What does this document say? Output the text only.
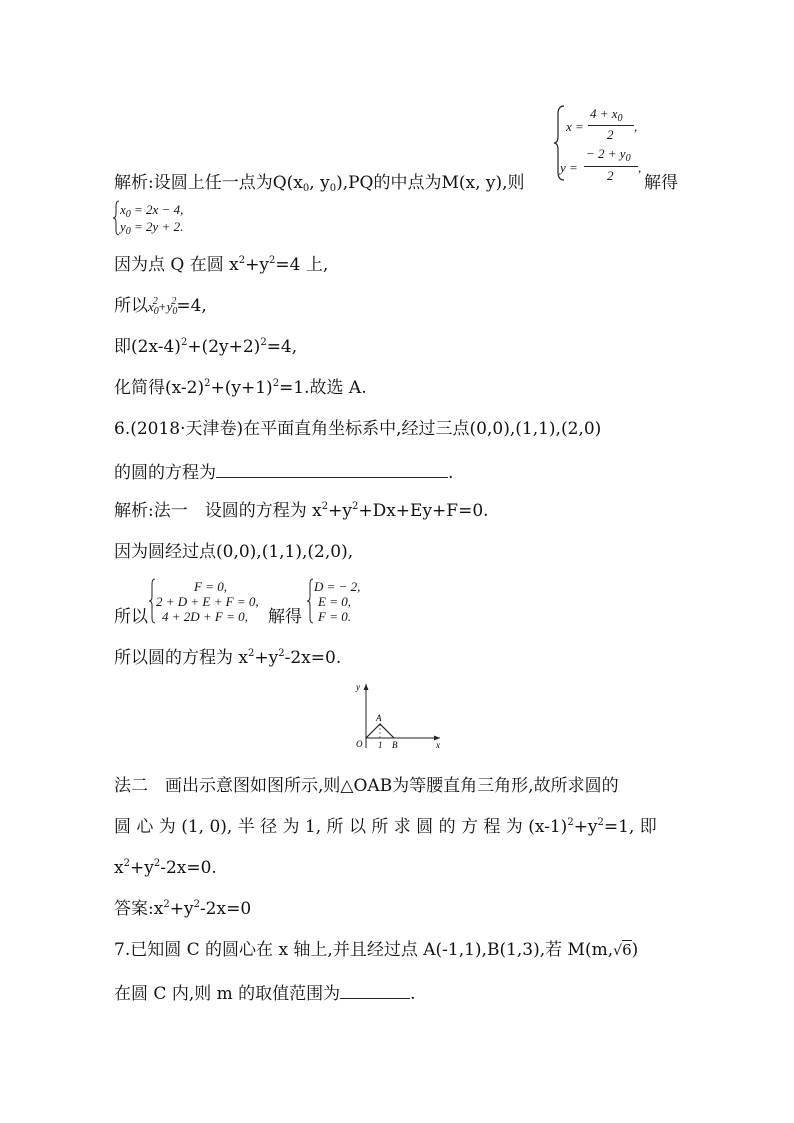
x =
$4 + x_0$
2
,
y =
− $2 + y_0$
2
,
解析:设圆上任一点为$Q(x_0$, $y_0),PQ$的中点为M(x, y),则	解得
$x_0 = 2x - 4$,
$y_0 = 2y + 2$.
因为点 Q 在圆 $x^2+y^2=4$ 上,
所以$x_0^2+y_0^2=4$,
即$(2x-4)^2+(2y+2)^2=4$,
化简得$(x-2)^2+(y+1)^2=1$.故选 A.
6.(2018·天津卷)在平面直角坐标系中,经过三点(0,0),(1,1),(2,0)
的圆的方程为	.
解析:法一　设圆的方程为 $x^2+y^2+Dx+Ey+F=0$.
因为圆经过点(0,0),(1,1),(2,0),
所以
F = 0,
2 + D + E + F = 0,
4 + 2D + F = 0, 解得
D = − 2,
E = 0,
F = 0.
所以圆的方程为 $x^2+y^2-2x=0$.
y
x
O
A
1 B
法二　画出示意图如图所示,则△OAB为等腰直角三角形,故所求圆的
圆 心 为 (1, 0), 半 径 为 1, 所 以 所 求 圆 的 方 程 为 $(x-1)^2+y^2=1$, 即
$x^2+y^2-2x=0$.
答案$:x^2+y^2-2x=0$
7.已知圆 C 的圆心在 x 轴上,并且经过点 A(-1,1),B(1,3),若 M(m,√6)
在圆 C 内,则 m 的取值范围为	.
